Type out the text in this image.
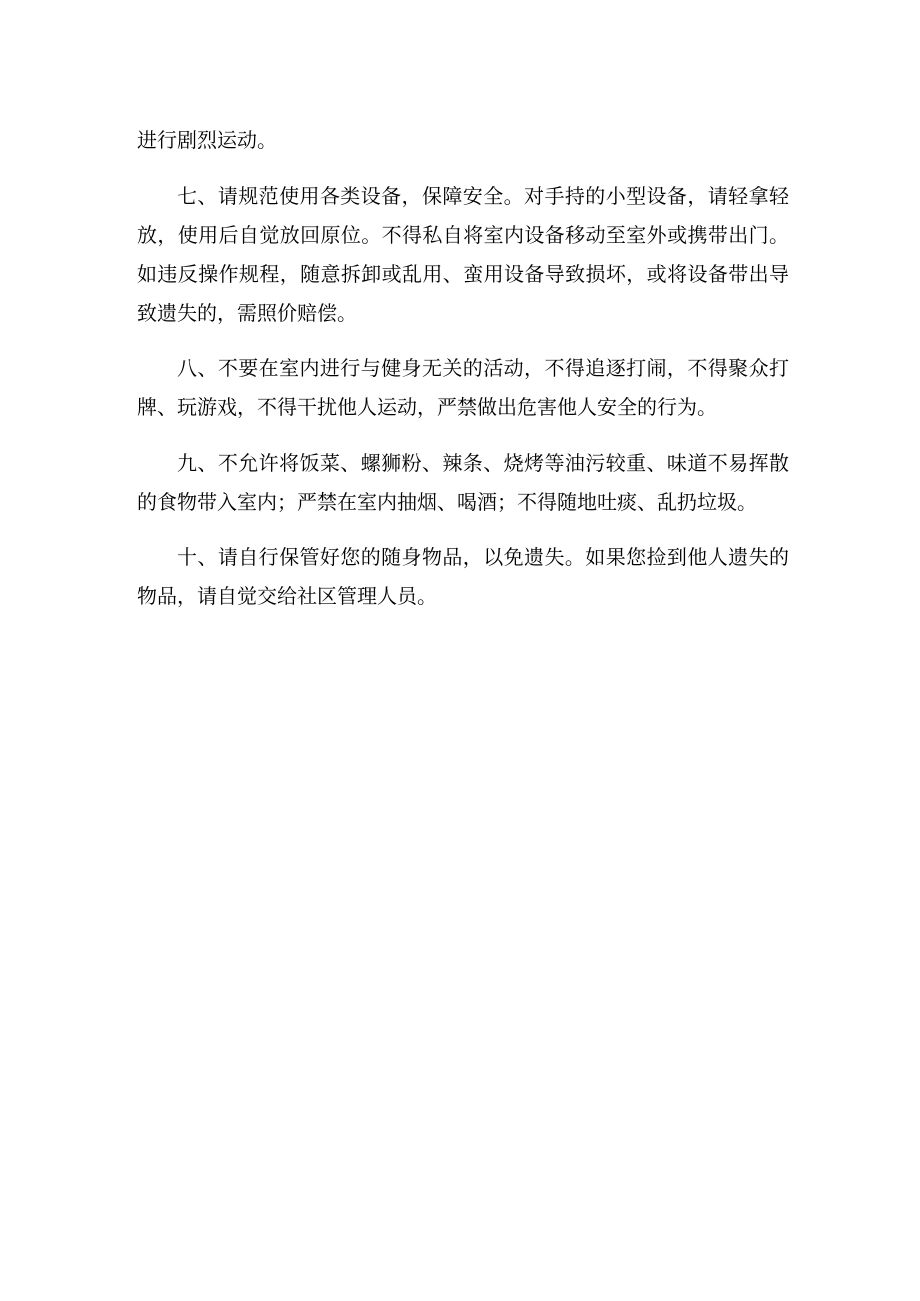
进行剧烈运动。

七、请规范使用各类设备，保障安全。对手持的小型设备，请轻拿轻放，使用后自觉放回原位。不得私自将室内设备移动至室外或携带出门。如违反操作规程，随意拆卸或乱用、蛮用设备导致损坏，或将设备带出导致遗失的，需照价赔偿。

八、不要在室内进行与健身无关的活动，不得追逐打闹，不得聚众打牌、玩游戏，不得干扰他人运动，严禁做出危害他人安全的行为。

九、不允许将饭菜、螺狮粉、辣条、烧烤等油污较重、味道不易挥散的食物带入室内；严禁在室内抽烟、喝酒；不得随地吐痰、乱扔垃圾。

十、请自行保管好您的随身物品，以免遗失。如果您捡到他人遗失的物品，请自觉交给社区管理人员。
